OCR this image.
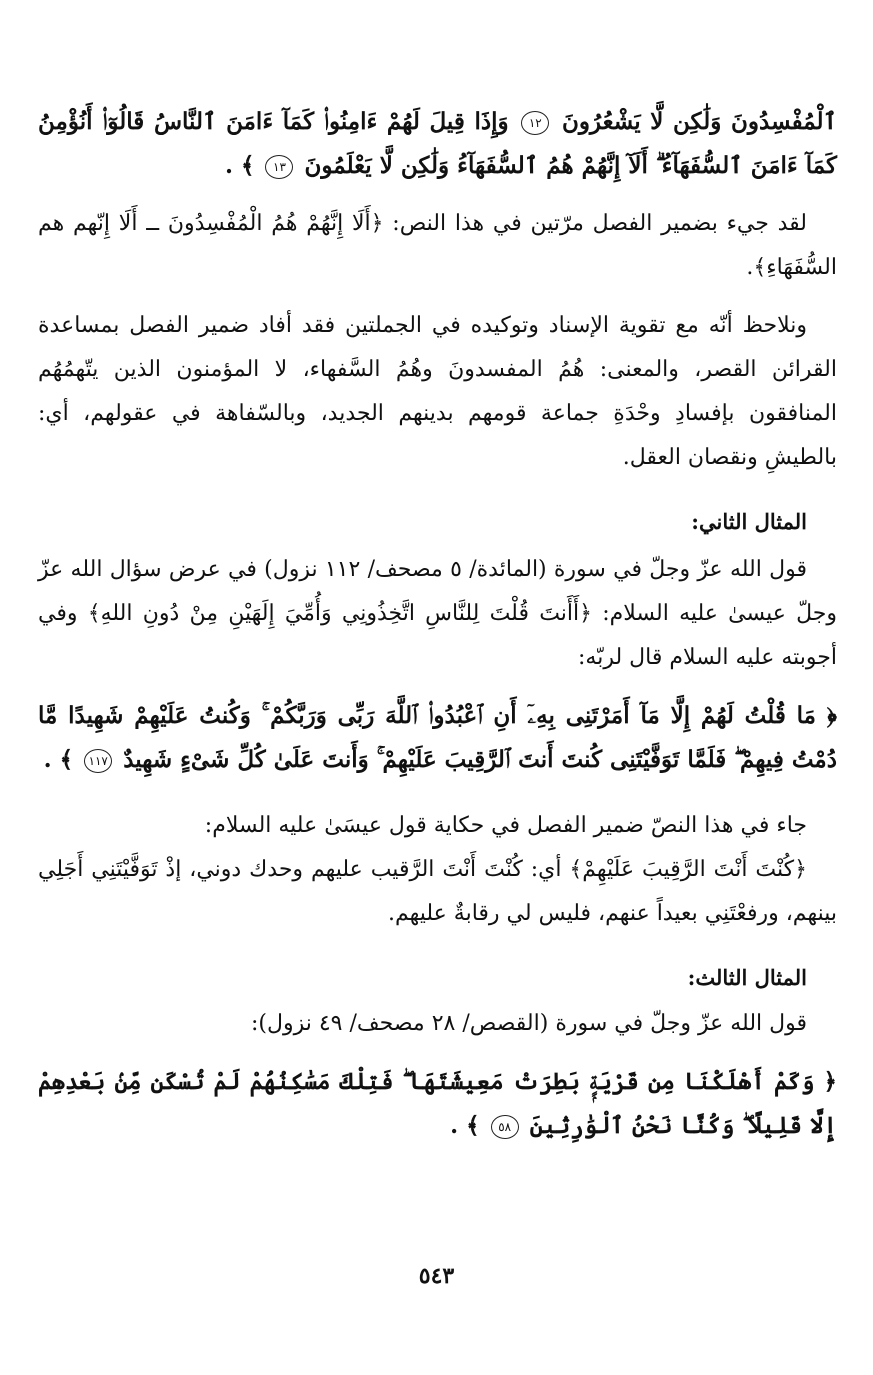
ٱلْمُفْسِدُونَ وَلَٰكِن لَّا يَشْعُرُونَ ١٢ وَإِذَا قِيلَ لَهُمْ ءَامِنُوا۟ كَمَآ ءَامَنَ ٱلنَّاسُ قَالُوٓا۟ أَنُؤْمِنُ كَمَآ ءَامَنَ ٱلسُّفَهَآءُ ۗ أَلَآ إِنَّهُمْ هُمُ ٱلسُّفَهَآءُ وَلَٰكِن لَّا يَعْلَمُونَ ١٣ ﴾ .

لقد جيء بضمير الفصل مرّتين في هذا النص: ﴿أَلَا إِنَّهُمْ هُمُ الْمُفْسِدُونَ ــ أَلَا إِنّهم هم السُّفَهَاءِ﴾.

ونلاحظ أنّه مع تقوية الإسناد وتوكيده في الجملتين فقد أفاد ضمير الفصل بمساعدة القرائن القصر، والمعنى: هُمُ المفسدونَ وهُمُ السَّفهاء، لا المؤمنون الذين يتّهمُهُم المنافقون بإفسادِ وحْدَةِ جماعة قومهم بدينهم الجديد، وبالسّفاهة في عقولهم، أي: بالطيشِ ونقصان العقل.

المثال الثاني:

قول الله عزّ وجلّ في سورة (المائدة/ ٥ مصحف/ ١١٢ نزول) في عرض سؤال الله عزّ وجلّ عيسىٰ عليه السلام: ﴿أَأَنتَ قُلْتَ لِلنَّاسِ اتَّخِذُونِي وَأُمِّيَ إِلَهَيْنِ مِنْ دُونِ اللهِ﴾ وفي أجوبته عليه السلام قال لربّه:

﴿ مَا قُلْتُ لَهُمْ إِلَّا مَآ أَمَرْتَنِى بِهِۦٓ أَنِ ٱعْبُدُوا۟ ٱللَّهَ رَبِّى وَرَبَّكُمْ ۚ وَكُنتُ عَلَيْهِمْ شَهِيدًا مَّا دُمْتُ فِيهِمْ ۖ فَلَمَّا تَوَفَّيْتَنِى كُنتَ أَنتَ ٱلرَّقِيبَ عَلَيْهِمْ ۚ وَأَنتَ عَلَىٰ كُلِّ شَىْءٍ شَهِيدٌ ١١٧ ﴾ .

جاء في هذا النصّ ضمير الفصل في حكاية قول عيسَىٰ عليه السلام:

﴿كُنْتَ أَنْتَ الرَّقِيبَ عَلَيْهِمْ﴾ أي: كُنْتَ أَنْتَ الرَّقيب عليهم وحدك دوني، إذْ تَوَفَّيْتَنِي أَجَلِي بينهم، ورفعْتَنِي بعيداً عنهم، فليس لي رقابةٌ عليهم.

المثال الثالث:

قول الله عزّ وجلّ في سورة (القصص/ ٢٨ مصحف/ ٤٩ نزول):

﴿ وَكَمْ أَهْلَكْنَا مِن قَرْيَةٍۭ بَطِرَتْ مَعِيشَتَهَا ۖ فَتِلْكَ مَسَٰكِنُهُمْ لَمْ تُسْكَن مِّنۢ بَعْدِهِمْ إِلَّا قَلِيلًا ۖ وَكُنَّا نَحْنُ ٱلْوَٰرِثِينَ ٥٨ ﴾ .

٥٤٣
